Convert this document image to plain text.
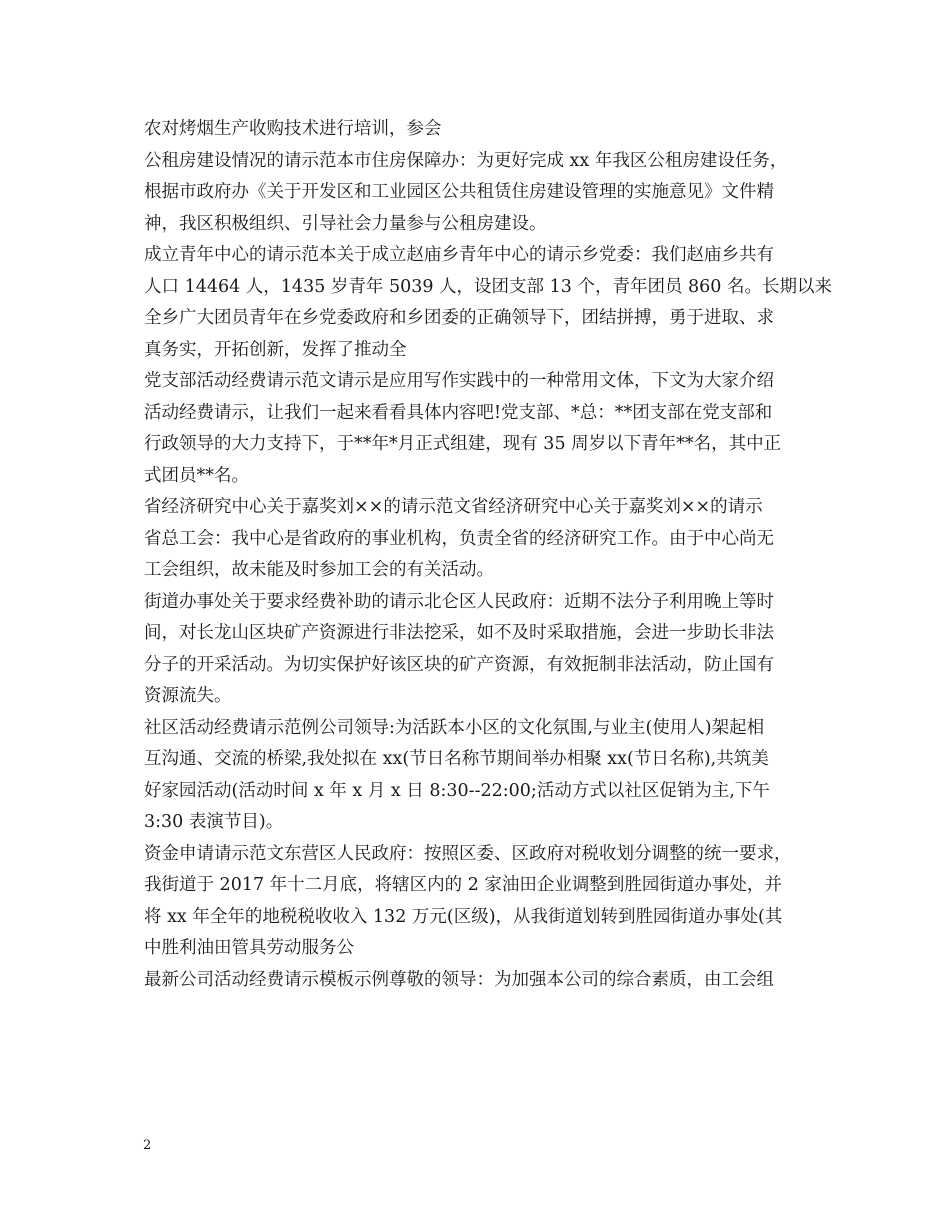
农对烤烟生产收购技术进行培训，参会
公租房建设情况的请示范本市住房保障办：为更好完成 xx 年我区公租房建设任务，
根据市政府办《关于开发区和工业园区公共租赁住房建设管理的实施意见》文件精
神，我区积极组织、引导社会力量参与公租房建设。
成立青年中心的请示范本关于成立赵庙乡青年中心的请示乡党委：我们赵庙乡共有
人口 14464 人，1435 岁青年 5039 人，设团支部 13 个，青年团员 860 名。长期以来
全乡广大团员青年在乡党委政府和乡团委的正确领导下，团结拼搏，勇于进取、求
真务实，开拓创新，发挥了推动全
党支部活动经费请示范文请示是应用写作实践中的一种常用文体，下文为大家介绍
活动经费请示，让我们一起来看看具体内容吧!党支部、*总：**团支部在党支部和
行政领导的大力支持下，于**年*月正式组建，现有 35 周岁以下青年**名，其中正
式团员**名。
省经济研究中心关于嘉奖刘××的请示范文省经济研究中心关于嘉奖刘××的请示
省总工会：我中心是省政府的事业机构，负责全省的经济研究工作。由于中心尚无
工会组织，故未能及时参加工会的有关活动。
街道办事处关于要求经费补助的请示北仑区人民政府：近期不法分子利用晚上等时
间，对长龙山区块矿产资源进行非法挖采，如不及时采取措施，会进一步助长非法
分子的开采活动。为切实保护好该区块的矿产资源，有效扼制非法活动，防止国有
资源流失。
社区活动经费请示范例公司领导:为活跃本小区的文化氛围,与业主(使用人)架起相
互沟通、交流的桥梁,我处拟在 xx(节日名称节期间举办相聚 xx(节日名称),共筑美
好家园活动(活动时间 x 年 x 月 x 日 8:30--22:00;活动方式以社区促销为主,下午
3:30 表演节目)。
资金申请请示范文东营区人民政府：按照区委、区政府对税收划分调整的统一要求，
我街道于 2017 年十二月底，将辖区内的 2 家油田企业调整到胜园街道办事处，并
将 xx 年全年的地税税收收入 132 万元(区级)，从我街道划转到胜园街道办事处(其
中胜利油田管具劳动服务公
最新公司活动经费请示模板示例尊敬的领导：为加强本公司的综合素质，由工会组
2
